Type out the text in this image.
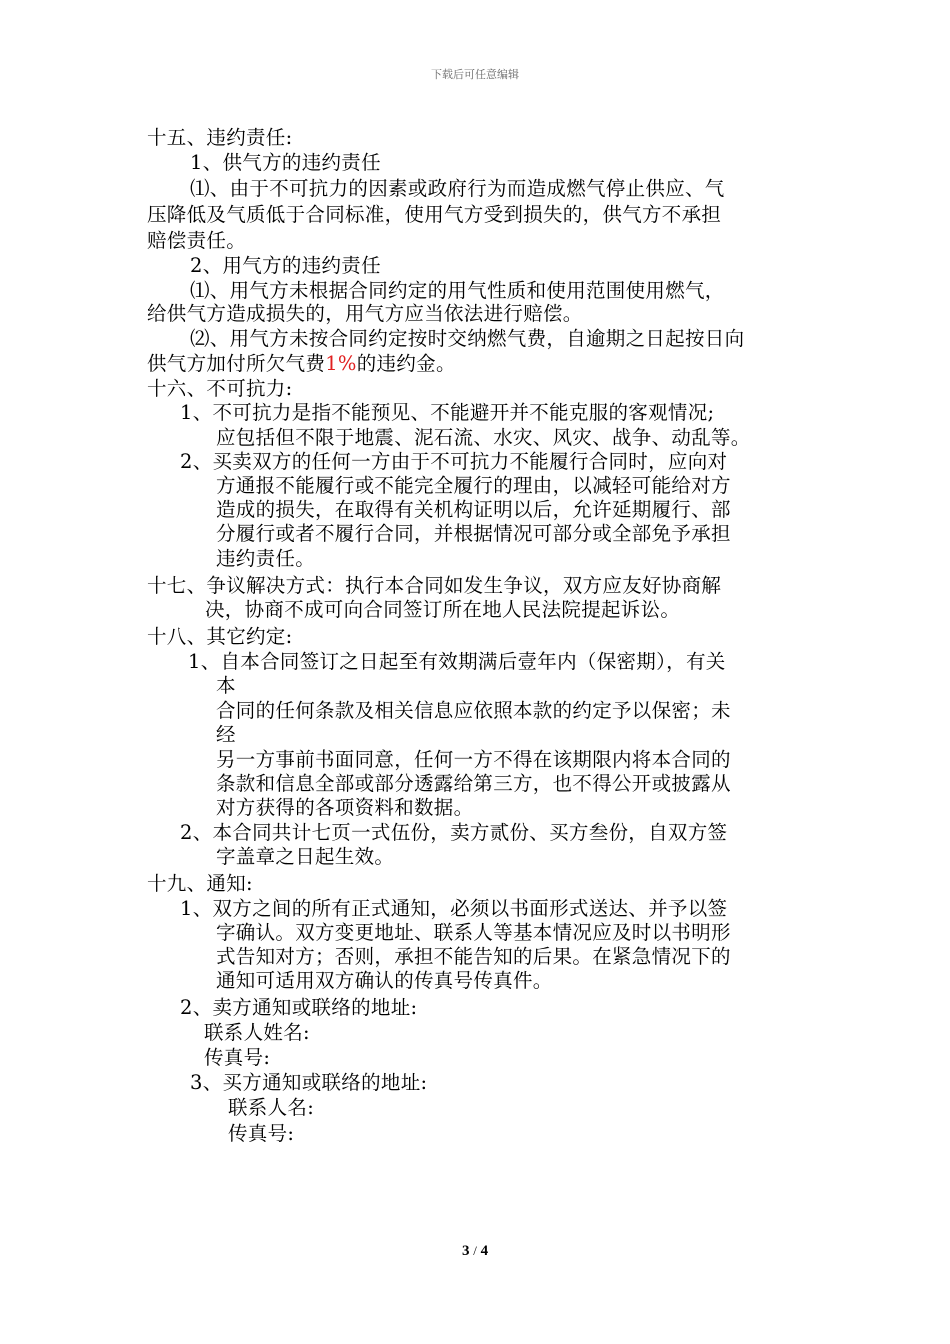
下载后可任意编辑
十五、违约责任:
1、供气方的违约责任
⑴、由于不可抗力的因素或政府行为而造成燃气停止供应、气
压降低及气质低于合同标准，使用气方受到损失的，供气方不承担
赔偿责任。
2、用气方的违约责任
⑴、用气方未根据合同约定的用气性质和使用范围使用燃气，
给供气方造成损失的，用气方应当依法进行赔偿。
⑵、用气方未按合同约定按时交纳燃气费，自逾期之日起按日向
供气方加付所欠气费1%的违约金。
十六、不可抗力:
1、不可抗力是指不能预见、不能避开并不能克服的客观情况;
应包括但不限于地震、泥石流、水灾、风灾、战争、动乱等。
2、买卖双方的任何一方由于不可抗力不能履行合同时，应向对
方通报不能履行或不能完全履行的理由，以减轻可能给对方
造成的损失，在取得有关机构证明以后，允许延期履行、部
分履行或者不履行合同，并根据情况可部分或全部免予承担
违约责任。
十七、争议解决方式：执行本合同如发生争议，双方应友好协商解
决，协商不成可向合同签订所在地人民法院提起诉讼。
十八、其它约定:
1、自本合同签订之日起至有效期满后壹年内（保密期），有关
本
合同的任何条款及相关信息应依照本款的约定予以保密；未
经
另一方事前书面同意，任何一方不得在该期限内将本合同的
条款和信息全部或部分透露给第三方，也不得公开或披露从
对方获得的各项资料和数据。
2、本合同共计七页一式伍份，卖方贰份、买方叁份，自双方签
字盖章之日起生效。
十九、通知:
1、双方之间的所有正式通知，必须以书面形式送达、并予以签
字确认。双方变更地址、联系人等基本情况应及时以书明形
式告知对方；否则，承担不能告知的后果。在紧急情况下的
通知可适用双方确认的传真号传真件。
2、卖方通知或联络的地址:
联系人姓名:
传真号:
3、买方通知或联络的地址:
联系人名:
传真号:
3 / 4
